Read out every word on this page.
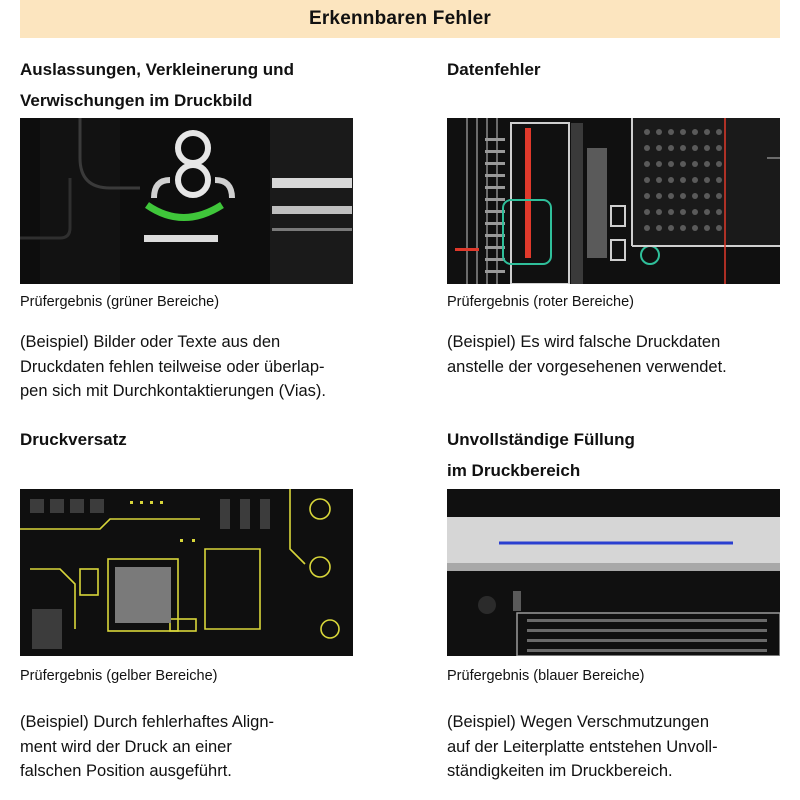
Erkennbaren Fehler
Auslassungen, Verkleinerung und
Verwischungen im Druckbild
Prüfergebnis (grüner Bereiche)
(Beispiel) Bilder oder Texte aus den
Druckdaten fehlen teilweise oder überlap-
pen sich mit Durchkontaktierungen (Vias).
Datenfehler
Prüfergebnis (roter Bereiche)
(Beispiel) Es wird falsche Druckdaten
anstelle der vorgesehenen verwendet.
Druckversatz
Prüfergebnis (gelber Bereiche)
(Beispiel) Durch fehlerhaftes Align-
ment wird der Druck an einer
falschen Position ausgeführt.
Unvollständige Füllung
im Druckbereich
Prüfergebnis (blauer Bereiche)
(Beispiel) Wegen Verschmutzungen
auf der Leiterplatte entstehen Unvoll-
ständigkeiten im Druckbereich.
